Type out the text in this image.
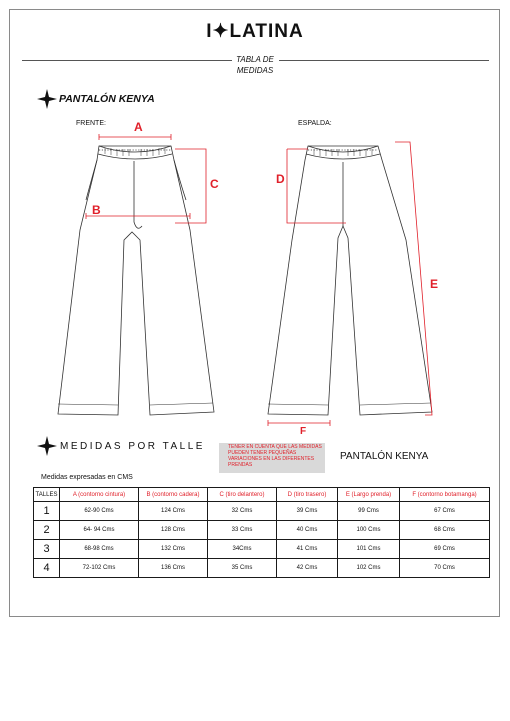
I✦LATINA
TABLA DE
MEDIDAS
PANTALÓN KENYA
FRENTE:	ESPALDA:
A
B
C	D
E
F
MEDIDAS POR TALLE	TENER EN CUENTA QUE LAS MEDIDAS PUEDEN TENER PEQUEÑAS VARIACIONES EN LAS DIFERENTES PRENDAS
PANTALÓN KENYA
Medidas expresadas en CMS
TALLES	A (contorno cintura)	B (contorno cadera)	C (tiro delantero)	D (tiro trasero)	E (Largo prenda)	F (contorno botamanga)
1	62-90 Cms	124 Cms	32 Cms	39 Cms	99 Cms	67 Cms
2	64- 94 Cms	128 Cms	33 Cms	40 Cms	100 Cms	68 Cms
3	68-98 Cms	132 Cms	34Cms	41 Cms	101 Cms	69 Cms
4	72-102 Cms	136 Cms	35 Cms	42 Cms	102 Cms	70 Cms
